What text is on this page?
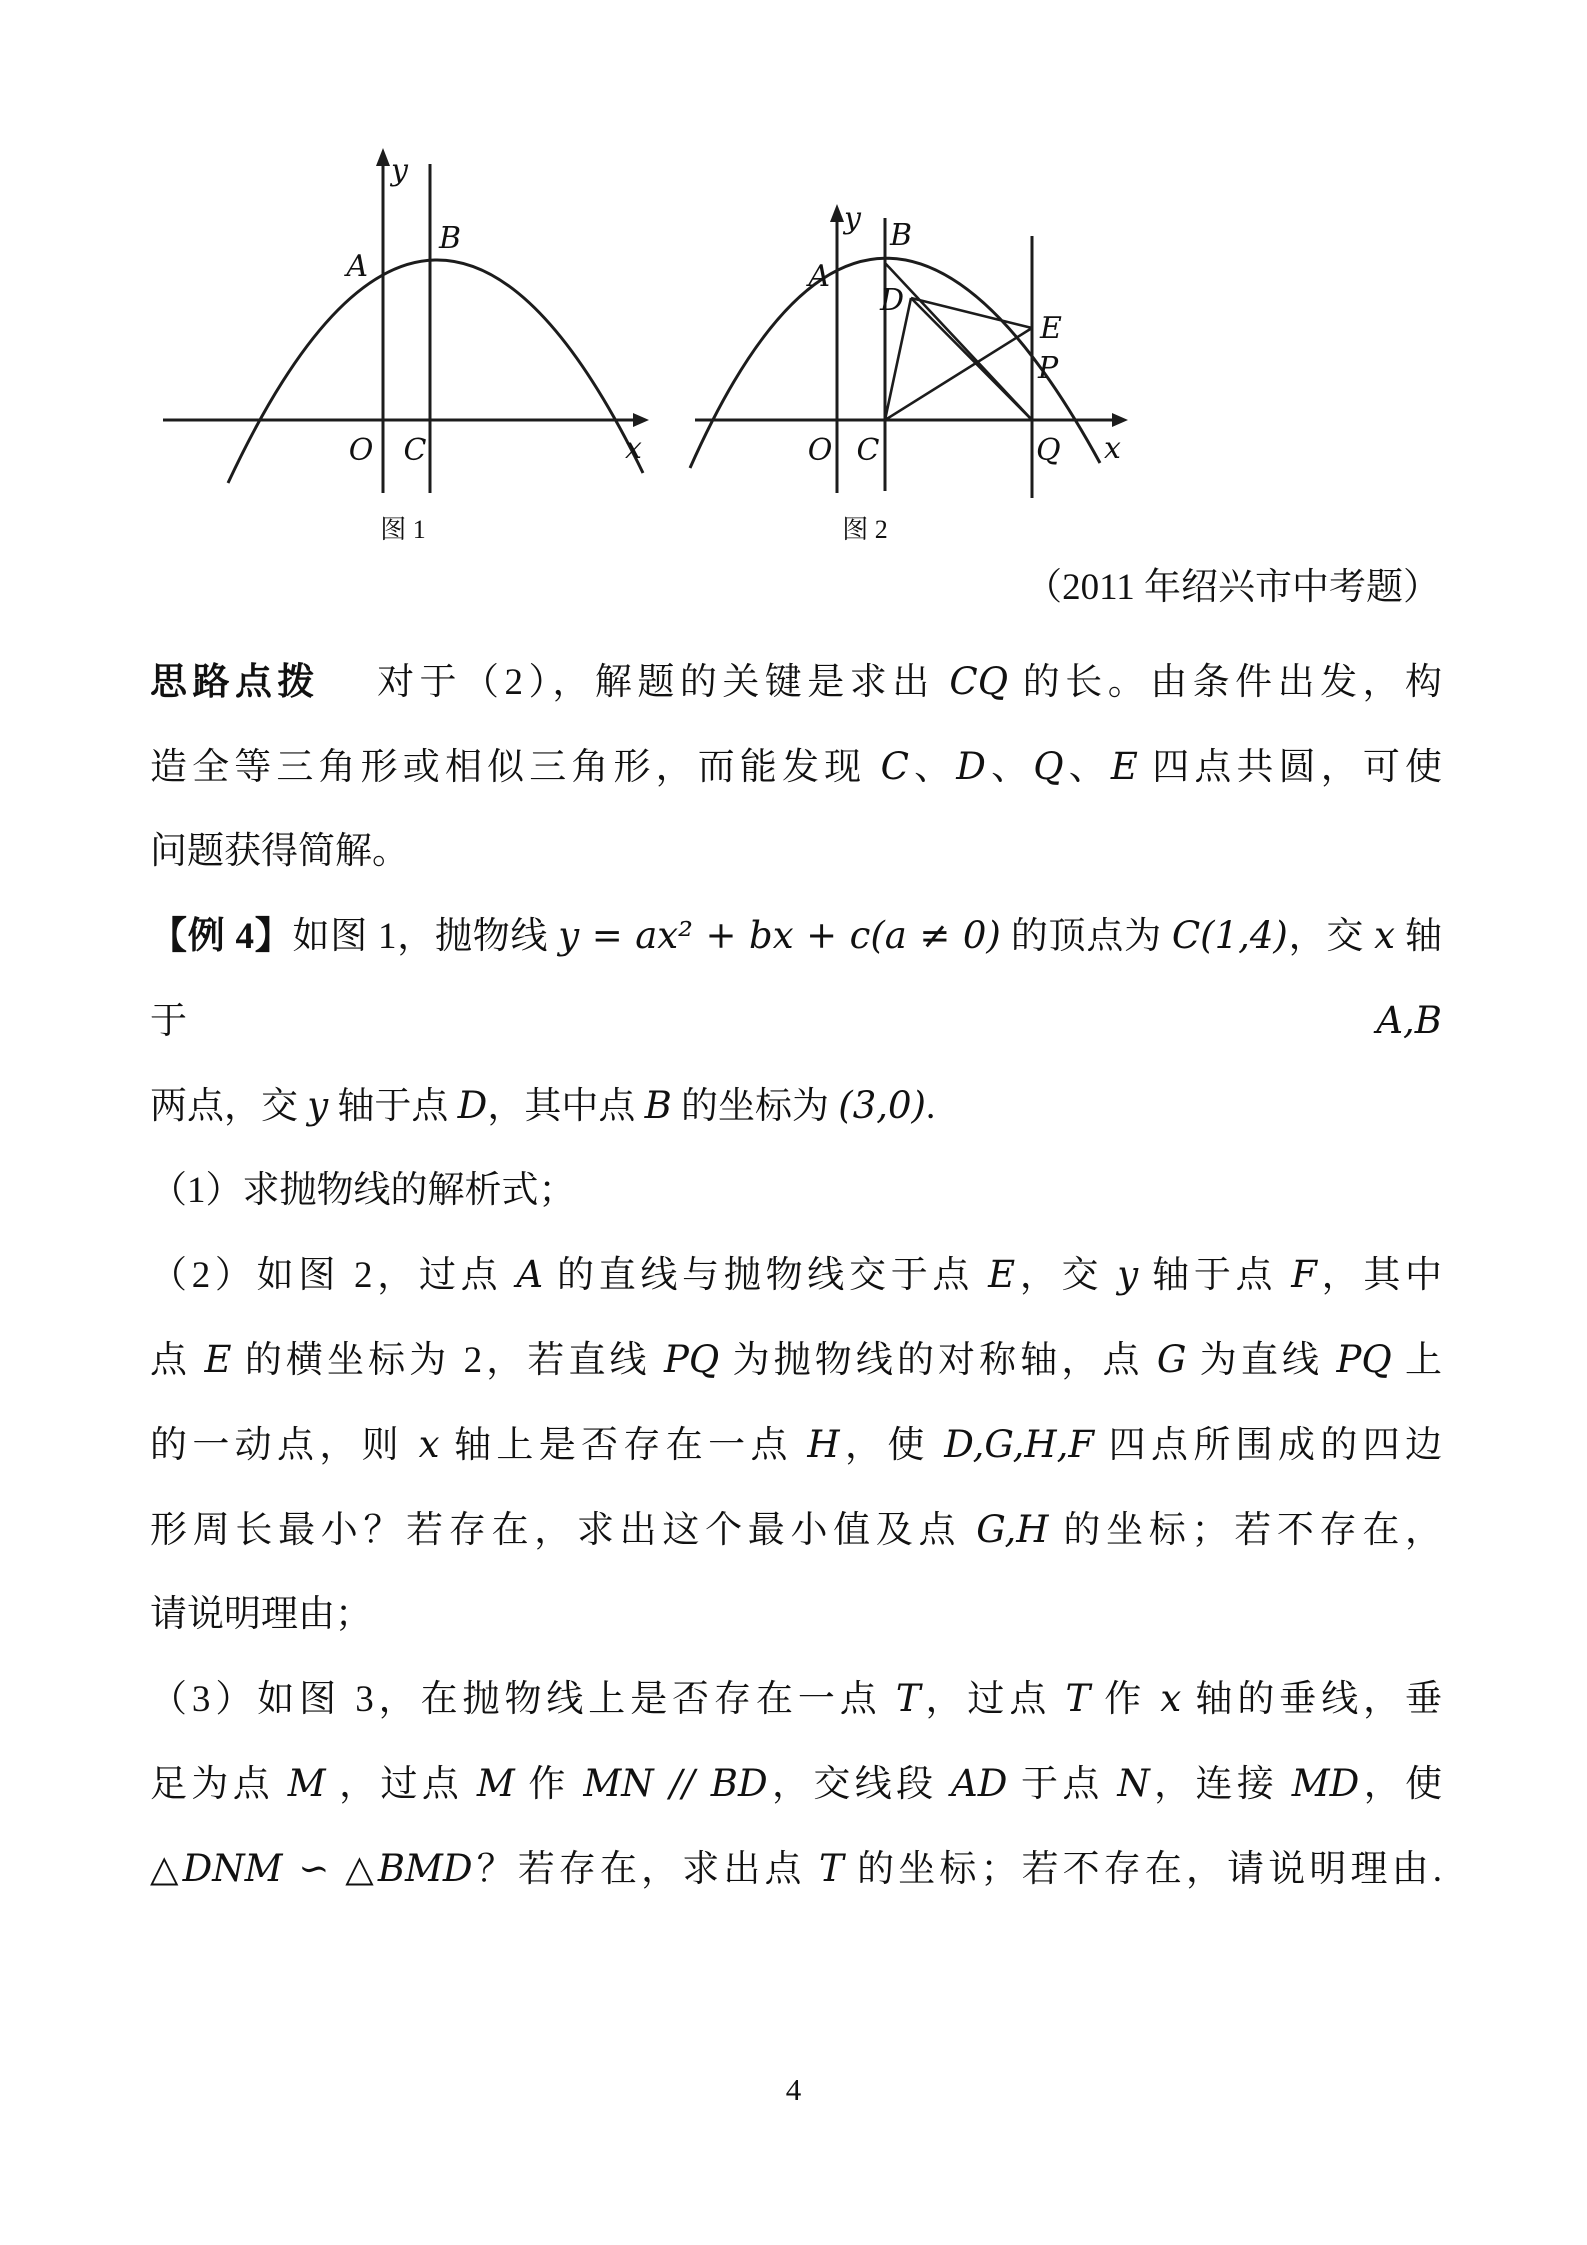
A
B
O C	x
y
图 1
A
B
D
E
P
O C	Q x
y
图 2
（2011 年绍兴市中考题）
思路点拨　 对于（2），解题的关键是求出 CQ 的长。由条件出发，构
造全等三角形或相似三角形，而能发现 C、D、Q、E 四点共圆，可使
问题获得简解。
【例 4】如图 1，抛物线 y = ax² + bx + c(a ≠ 0) 的顶点为 C(1,4)，交 x 轴于 A,B
两点，交 y 轴于点 D，其中点 B 的坐标为 (3,0).
（1）求抛物线的解析式；
（2）如图 2，过点 A 的直线与抛物线交于点 E，交 y 轴于点 F，其中
点 E 的横坐标为 2，若直线 PQ 为抛物线的对称轴，点 G 为直线 PQ 上
的一动点，则 x 轴上是否存在一点 H，使 D,G,H,F 四点所围成的四边
形周长最小？若存在，求出这个最小值及点 G,H 的坐标；若不存在，
请说明理由；
（3）如图 3，在抛物线上是否存在一点 T，过点 T 作 x 轴的垂线，垂
足为点 M ，过点 M 作 MN // BD，交线段 AD 于点 N，连接 MD，使
△DNM ∽ △BMD？若存在，求出点 T 的坐标；若不存在，请说明理由.
4
